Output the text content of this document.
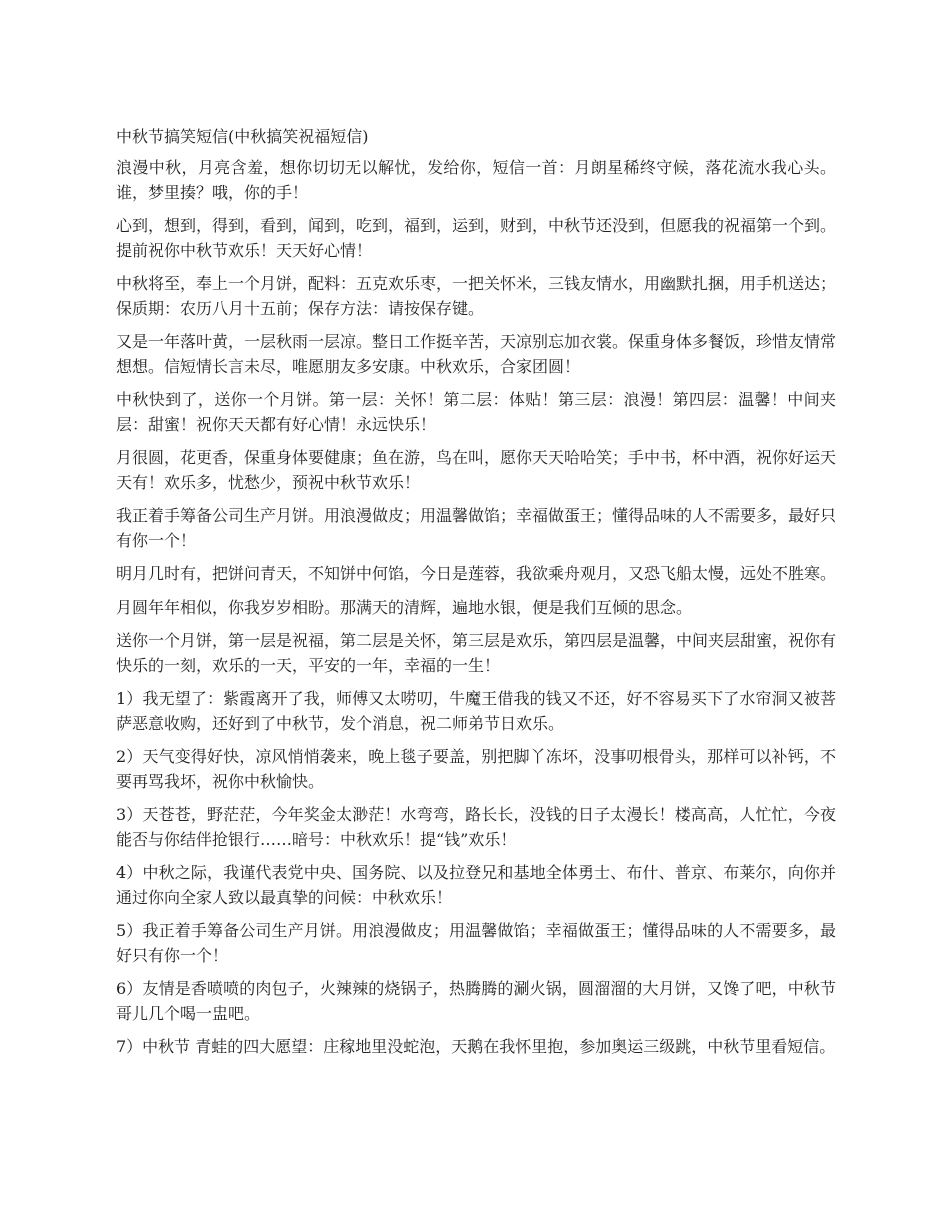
中秋节搞笑短信(中秋搞笑祝福短信)

浪漫中秋，月亮含羞，想你切切无以解忧，发给你，短信一首：月朗星稀终守候，落花流水我心头。谁，梦里揍？哦，你的手！

心到，想到，得到，看到，闻到，吃到，福到，运到，财到，中秋节还没到，但愿我的祝福第一个到。提前祝你中秋节欢乐！天天好心情！

中秋将至，奉上一个月饼，配料：五克欢乐枣，一把关怀米，三钱友情水，用幽默扎捆，用手机送达；保质期：农历八月十五前；保存方法：请按保存键。

又是一年落叶黄，一层秋雨一层凉。整日工作挺辛苦，天凉别忘加衣裳。保重身体多餐饭，珍惜友情常想想。信短情长言未尽，唯愿朋友多安康。中秋欢乐，合家团圆！

中秋快到了，送你一个月饼。第一层：关怀！第二层：体贴！第三层：浪漫！第四层：温馨！中间夹层：甜蜜！祝你天天都有好心情！永远快乐！

月很圆，花更香，保重身体要健康；鱼在游，鸟在叫，愿你天天哈哈笑；手中书，杯中酒，祝你好运天天有！欢乐多，忧愁少，预祝中秋节欢乐！

我正着手筹备公司生产月饼。用浪漫做皮；用温馨做馅；幸福做蛋王；懂得品味的人不需要多，最好只有你一个！

明月几时有，把饼问青天，不知饼中何馅，今日是莲蓉，我欲乘舟观月，又恐飞船太慢，远处不胜寒。

月圆年年相似，你我岁岁相盼。那满天的清辉，遍地水银，便是我们互倾的思念。

送你一个月饼，第一层是祝福，第二层是关怀，第三层是欢乐，第四层是温馨，中间夹层甜蜜，祝你有快乐的一刻，欢乐的一天，平安的一年，幸福的一生！

1）我无望了：紫霞离开了我，师傅又太唠叨，牛魔王借我的钱又不还，好不容易买下了水帘洞又被菩萨恶意收购，还好到了中秋节，发个消息，祝二师弟节日欢乐。

2）天气变得好快，凉风悄悄袭来，晚上毯子要盖，别把脚丫冻坏，没事叨根骨头，那样可以补钙，不要再骂我坏，祝你中秋愉快。

3）天苍苍，野茫茫，今年奖金太渺茫！水弯弯，路长长，没钱的日子太漫长！楼高高，人忙忙，今夜能否与你结伴抢银行……暗号：中秋欢乐！提“钱”欢乐！

4）中秋之际，我谨代表党中央、国务院、以及拉登兄和基地全体勇士、布什、普京、布莱尔，向你并通过你向全家人致以最真挚的问候：中秋欢乐！

5）我正着手筹备公司生产月饼。用浪漫做皮；用温馨做馅；幸福做蛋王；懂得品味的人不需要多，最好只有你一个！

6）友情是香喷喷的肉包子，火辣辣的烧锅子，热腾腾的涮火锅，圆溜溜的大月饼，又馋了吧，中秋节哥儿几个喝一盅吧。

7）中秋节 青蛙的四大愿望：庄稼地里没蛇泡，天鹅在我怀里抱，参加奥运三级跳，中秋节里看短信。
